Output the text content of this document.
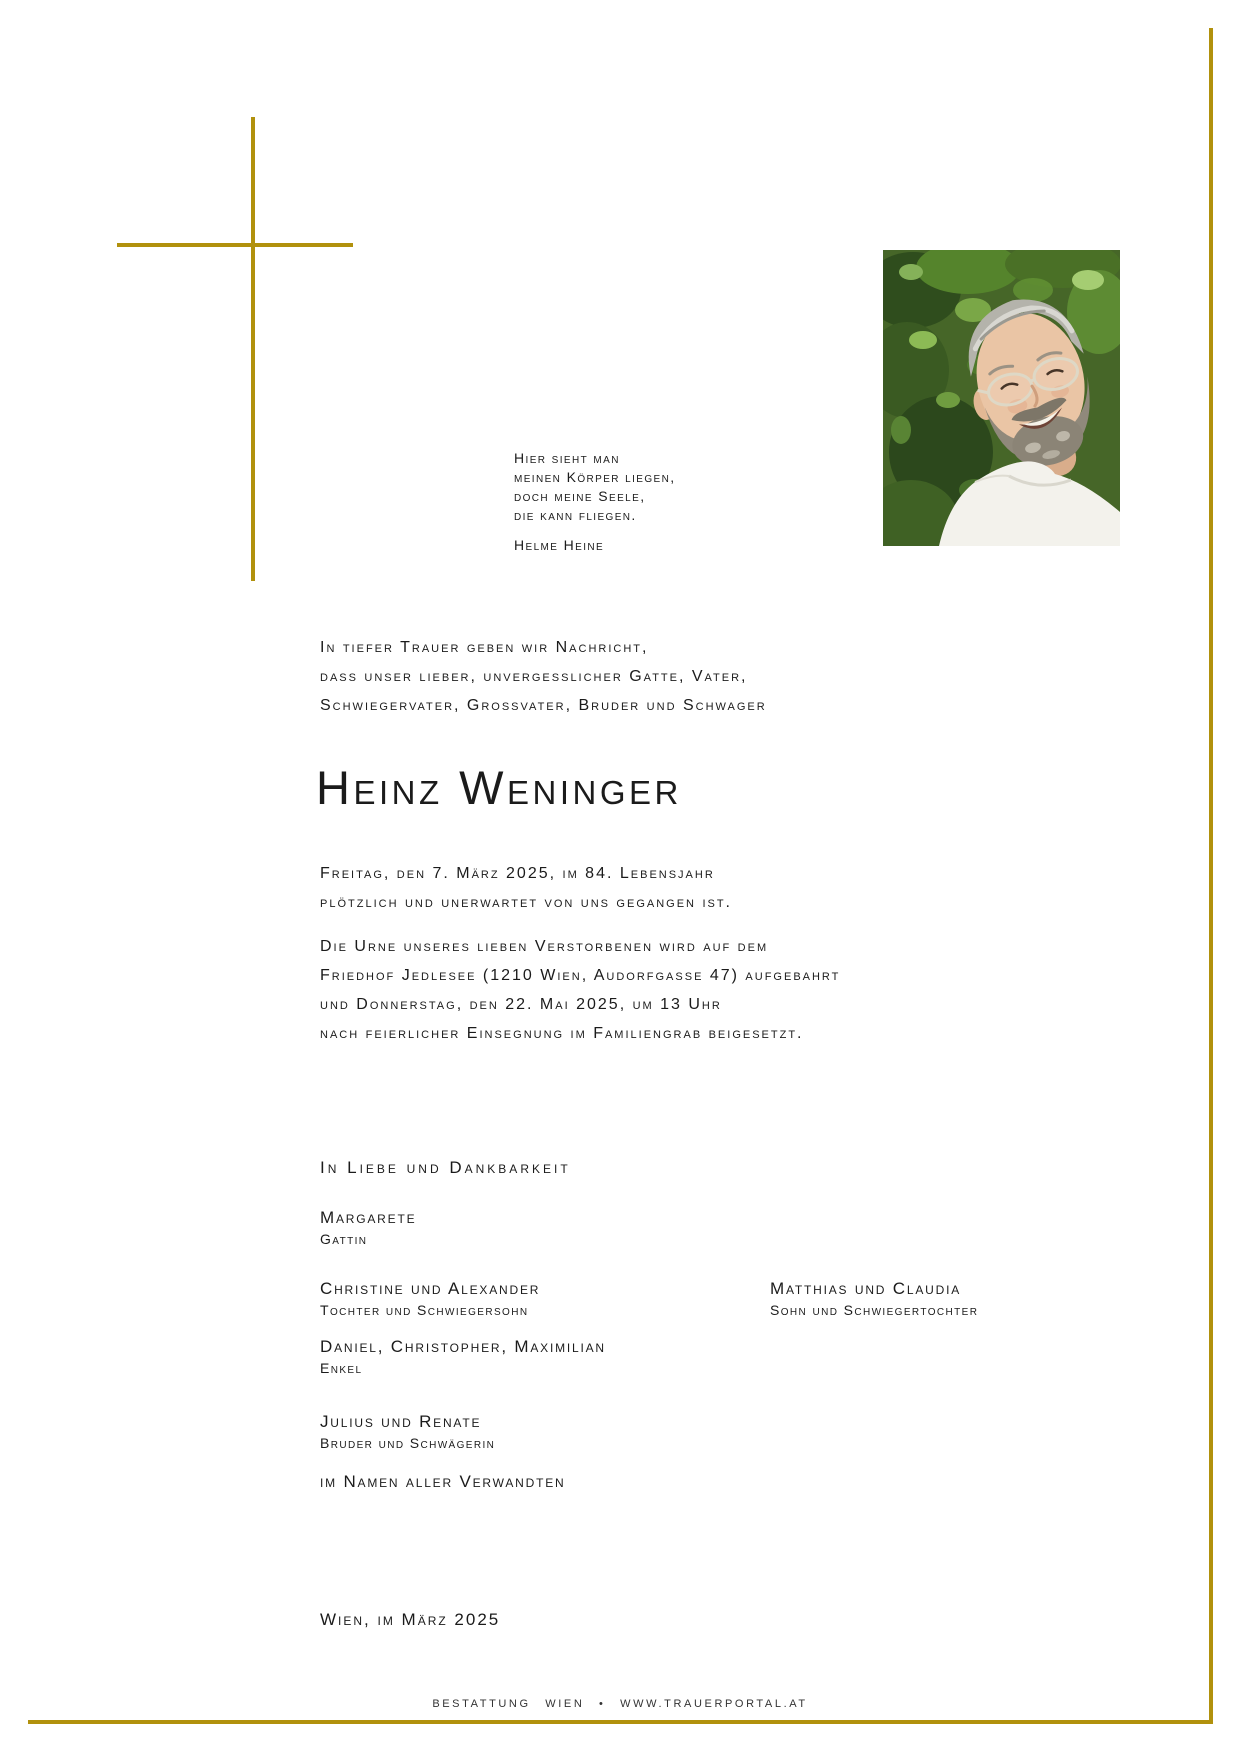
Hier sieht man
meinen Körper liegen,
doch meine Seele,
die kann fliegen.
Helme Heine
In tiefer Trauer geben wir Nachricht,
dass unser lieber, unvergesslicher Gatte, Vater,
Schwiegervater, Grossvater, Bruder und Schwager
Heinz Weninger
Freitag, den 7. März 2025, im 84. Lebensjahr
plötzlich und unerwartet von uns gegangen ist.
Die Urne unseres lieben Verstorbenen wird auf dem
Friedhof Jedlesee (1210 Wien, Audorfgasse 47) aufgebahrt
und Donnerstag, den 22. Mai 2025, um 13 Uhr
nach feierlicher Einsegnung im Familiengrab beigesetzt.
In Liebe und Dankbarkeit
Margarete
Gattin
Christine und Alexander
Tochter und Schwiegersohn
Matthias und Claudia
Sohn und Schwiegertochter
Daniel, Christopher, Maximilian
Enkel
Julius und Renate
Bruder und Schwägerin
im Namen aller Verwandten
Wien, im März 2025
BESTATTUNG WIEN • WWW.TRAUERPORTAL.AT
